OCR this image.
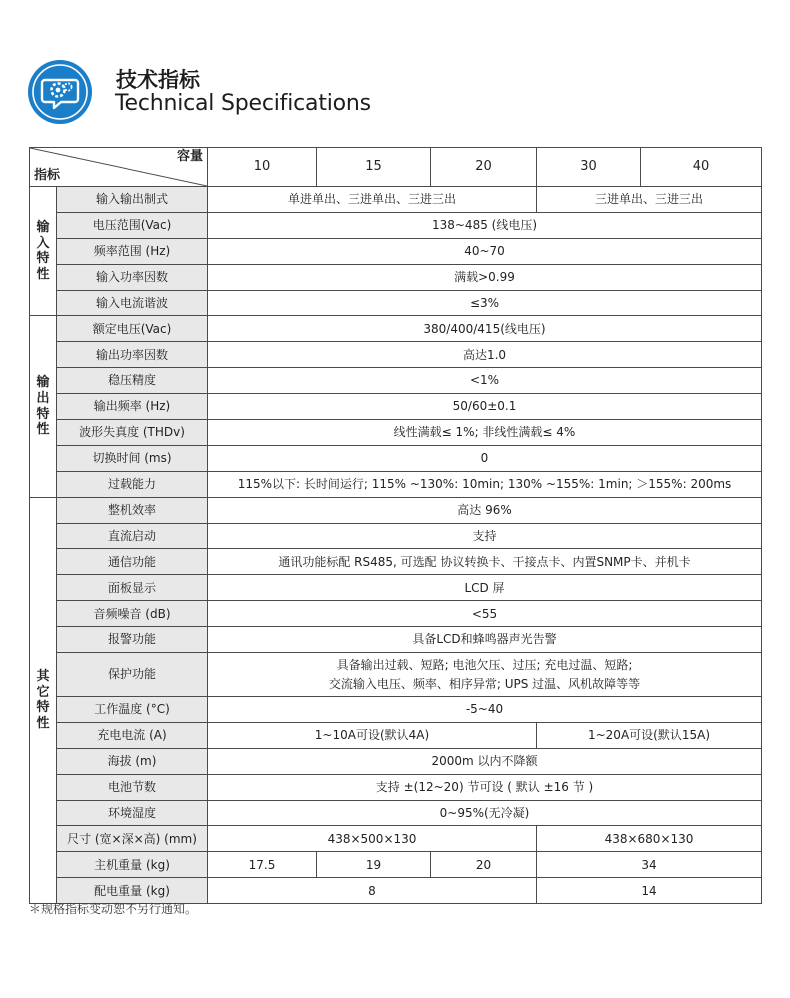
技术指标
Technical Specifications
容量
指标		10	15	20	30	40

输
入
特
性	输入输出制式	单进单出、三进单出、三进三出			三进单出、三进三出	
	电压范围(Vac)	138~485 (线电压)				
	频率范围 (Hz)	40~70				
	输入功率因数	满载>0.99				
	输入电流谐波	≤3%				

输
出
特
性	额定电压(Vac)	380/400/415(线电压)				
	输出功率因数	高达1.0				
	稳压精度	<1%				
	输出频率 (Hz)	50/60±0.1				
	波形失真度 (THDv)	线性满载≤ 1%; 非线性满载≤ 4%				
	切换时间 (ms)	0				
	过载能力	115%以下: 长时间运行; 115% ~130%: 10min; 130% ~155%: 1min; ＞155%: 200ms				

其
它
特
性	整机效率	高达 96%				
	直流启动	支持				
	通信功能	通讯功能标配 RS485, 可选配 协议转换卡、干接点卡、内置SNMP卡、并机卡				
	面板显示	LCD 屏				
	音频噪音 (dB)	<55				
	报警功能	具备LCD和蜂鸣器声光告警				
	保护功能	具备输出过载、短路; 电池欠压、过压; 充电过温、短路;
交流输入电压、频率、相序异常; UPS 过温、风机故障等等				

	工作温度 (°C)	-5~40				
	充电电流 (A)	1~10A可设(默认4A)			1~20A可设(默认15A)	
	海拔 (m)	2000m 以内不降额				
	电池节数	支持 ±(12~20) 节可设 ( 默认 ±16 节 )				
	环境湿度	0~95%(无冷凝)				
	尺寸 (宽×深×高) (mm)	438×500×130			438×680×130	
	主机重量 (kg)	17.5	19	20	34	
	配电重量 (kg)	8			14	
＊规格指标变动恕不另行通知。
